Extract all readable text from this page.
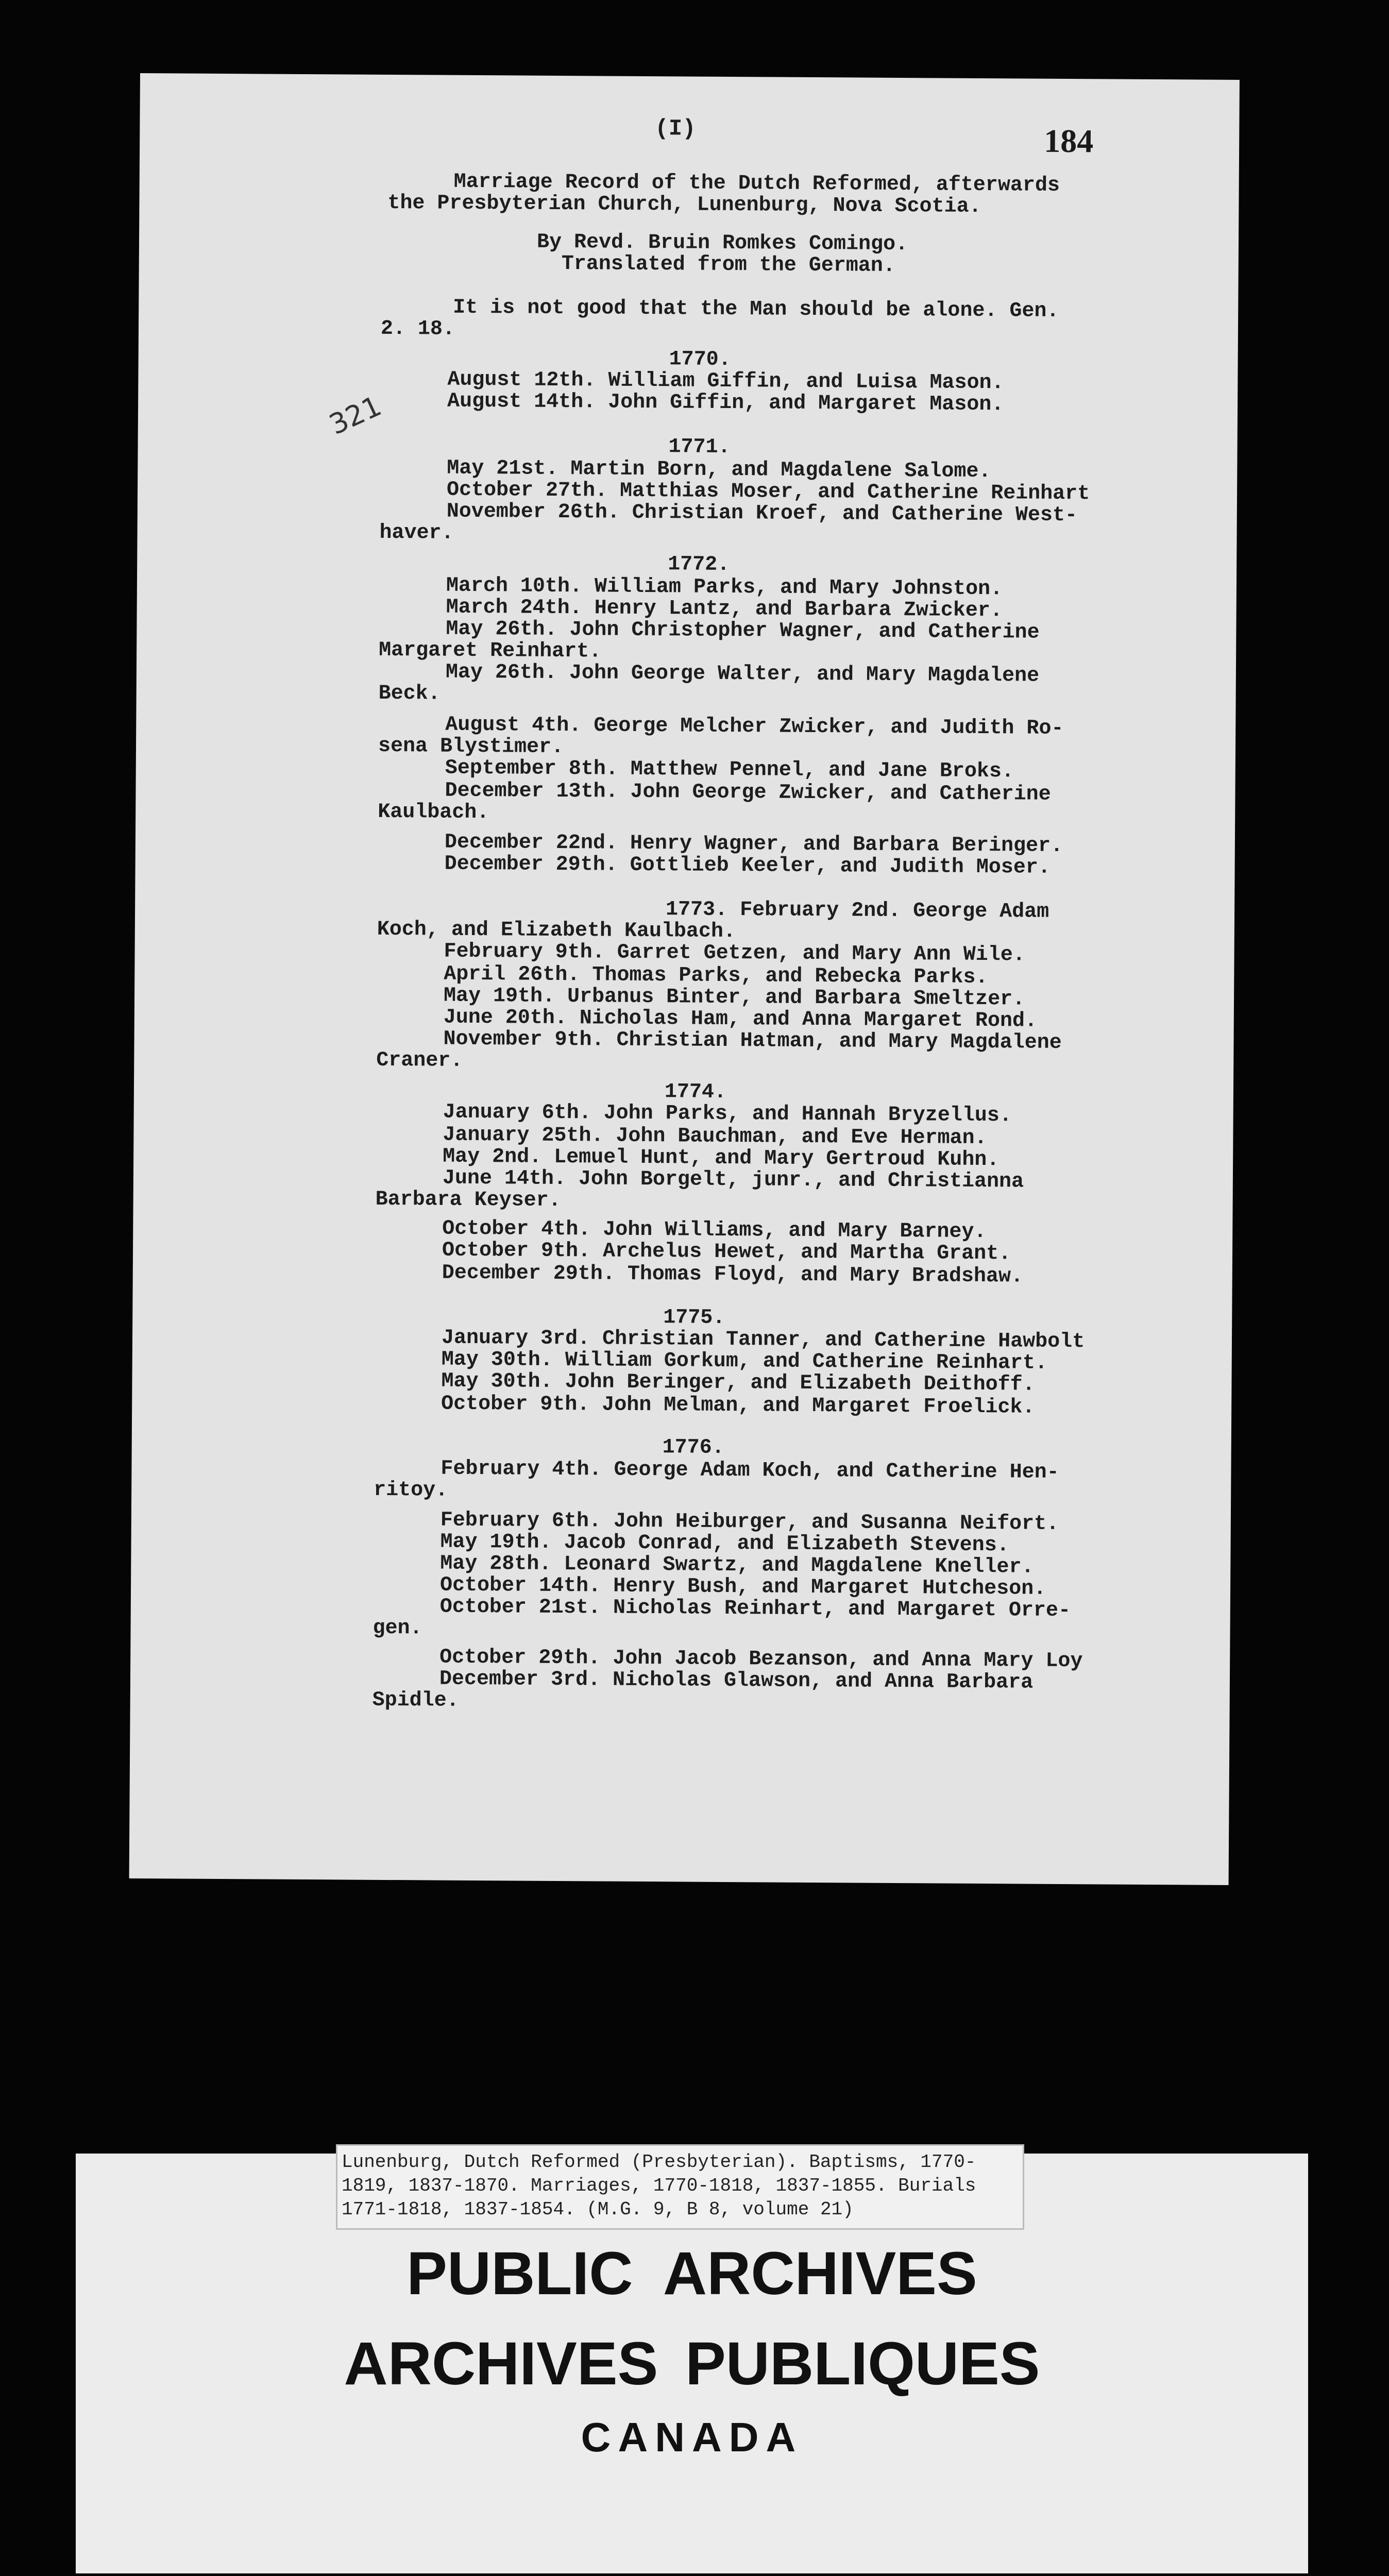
(I)	184
321
Marriage Record of the Dutch Reformed, afterwards
the Presbyterian Church, Lunenburg, Nova Scotia.
By Revd. Bruin Romkes Comingo.
Translated from the German.
It is not good that the Man should be alone. Gen.
2. 18.
1770.
August 12th. William Giffin, and Luisa Mason.
August 14th. John Giffin, and Margaret Mason.
1771.
May 21st. Martin Born, and Magdalene Salome.
October 27th. Matthias Moser, and Catherine Reinhart
November 26th. Christian Kroef, and Catherine West-
haver.
1772.
March 10th. William Parks, and Mary Johnston.
March 24th. Henry Lantz, and Barbara Zwicker.
May 26th. John Christopher Wagner, and Catherine
Margaret Reinhart.
May 26th. John George Walter, and Mary Magdalene
Beck.
August 4th. George Melcher Zwicker, and Judith Ro-
sena Blystimer.
September 8th. Matthew Pennel, and Jane Broks.
December 13th. John George Zwicker, and Catherine
Kaulbach.
December 22nd. Henry Wagner, and Barbara Beringer.
December 29th. Gottlieb Keeler, and Judith Moser.
1773. February 2nd. George Adam
Koch, and Elizabeth Kaulbach.
February 9th. Garret Getzen, and Mary Ann Wile.
April 26th. Thomas Parks, and Rebecka Parks.
May 19th. Urbanus Binter, and Barbara Smeltzer.
June 20th. Nicholas Ham, and Anna Margaret Rond.
November 9th. Christian Hatman, and Mary Magdalene
Craner.
1774.
January 6th. John Parks, and Hannah Bryzellus.
January 25th. John Bauchman, and Eve Herman.
May 2nd. Lemuel Hunt, and Mary Gertroud Kuhn.
June 14th. John Borgelt, junr., and Christianna
Barbara Keyser.
October 4th. John Williams, and Mary Barney.
October 9th. Archelus Hewet, and Martha Grant.
December 29th. Thomas Floyd, and Mary Bradshaw.
1775.
January 3rd. Christian Tanner, and Catherine Hawbolt
May 30th. William Gorkum, and Catherine Reinhart.
May 30th. John Beringer, and Elizabeth Deithoff.
October 9th. John Melman, and Margaret Froelick.
1776.
February 4th. George Adam Koch, and Catherine Hen-
ritoy.
February 6th. John Heiburger, and Susanna Neifort.
May 19th. Jacob Conrad, and Elizabeth Stevens.
May 28th. Leonard Swartz, and Magdalene Kneller.
October 14th. Henry Bush, and Margaret Hutcheson.
October 21st. Nicholas Reinhart, and Margaret Orre-
gen.
October 29th. John Jacob Bezanson, and Anna Mary Loy
December 3rd. Nicholas Glawson, and Anna Barbara
Spidle.
Lunenburg, Dutch Reformed (Presbyterian). Baptisms, 1770-
1819, 1837-1870. Marriages, 1770-1818, 1837-1855. Burials
1771-1818, 1837-1854. (M.G. 9, B 8, volume 21)
PUBLIC ARCHIVES
ARCHIVES PUBLIQUES
CANADA
